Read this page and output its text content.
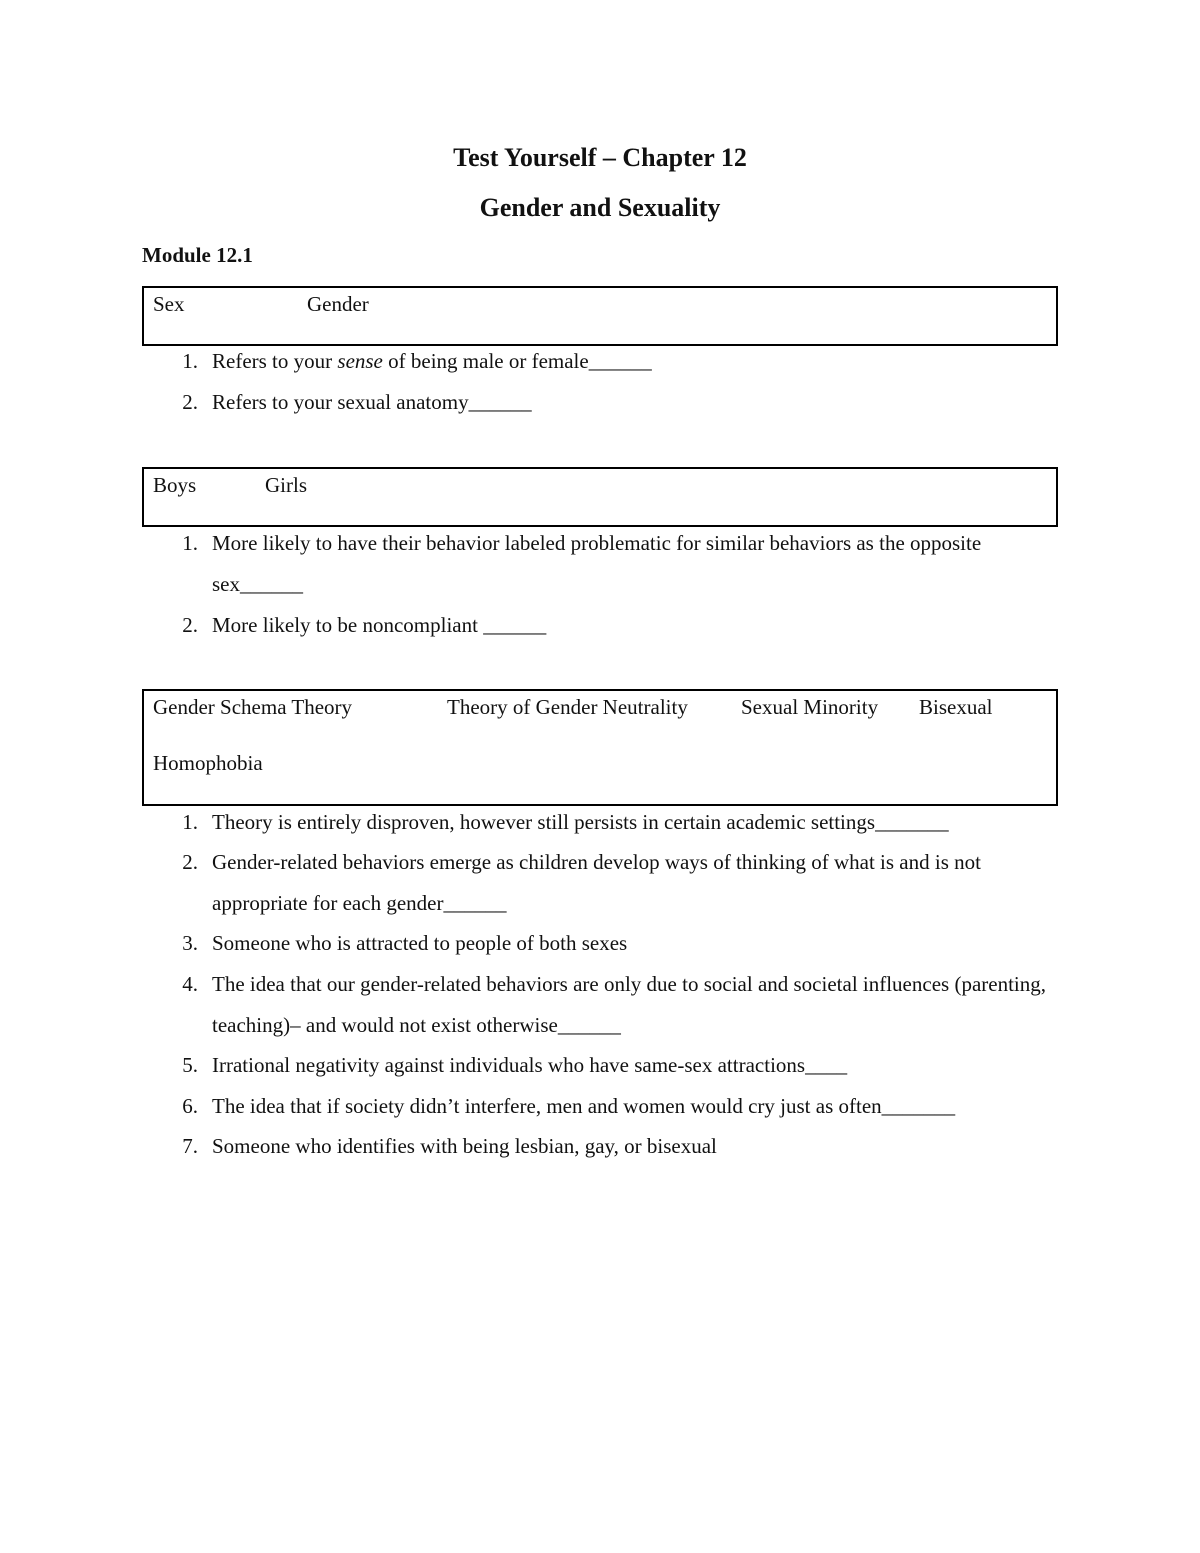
Test Yourself – Chapter 12
Gender and Sexuality
Module 12.1
Sex	Gender
1. Refers to your sense of being male or female______
2. Refers to your sexual anatomy______
Boys	Girls
1. More likely to have their behavior labeled problematic for similar behaviors as the opposite sex______
2. More likely to be noncompliant ______
Gender Schema Theory	Theory of Gender Neutrality	Sexual Minority Bisexual
Homophobia
1. Theory is entirely disproven, however still persists in certain academic settings_______
2. Gender-related behaviors emerge as children develop ways of thinking of what is and is not appropriate for each gender______
3. Someone who is attracted to people of both sexes
4. The idea that our gender-related behaviors are only due to social and societal influences (parenting, teaching)– and would not exist otherwise______
5. Irrational negativity against individuals who have same-sex attractions____
6. The idea that if society didn’t interfere, men and women would cry just as often_______
7. Someone who identifies with being lesbian, gay, or bisexual
